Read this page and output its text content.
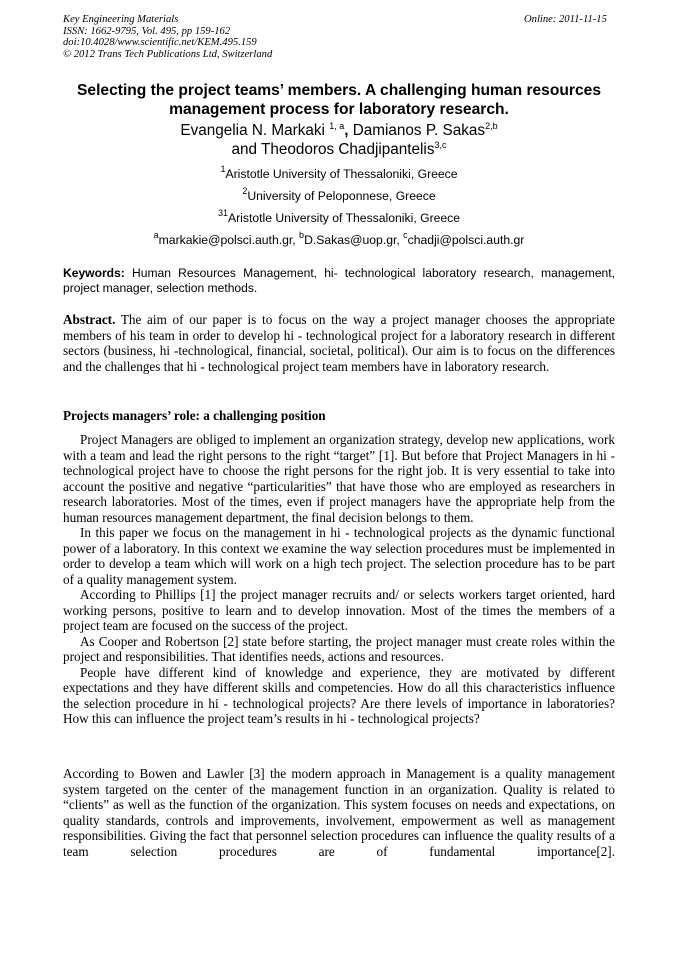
Key Engineering Materials
ISSN: 1662-9795, Vol. 495, pp 159-162
doi:10.4028/www.scientific.net/KEM.495.159
© 2012 Trans Tech Publications Ltd, Switzerland
Online: 2011-11-15
Selecting the project teams’ members. A challenging human resources
management process for laboratory research.
Evangelia N. Markaki $^{1, a}$, Damianos P. Sakas$^{2,b}$
and Theodoros Chadjipantelis$^{3,c}$
$^1$Aristotle University of Thessaloniki, Greece
$^2$University of Peloponnese, Greece
$^{31}$Aristotle University of Thessaloniki, Greece
$^a$markakie@polsci.auth.gr, $^b$D.Sakas@uop.gr, $^c$chadji@polsci.auth.gr
Keywords: Human Resources Management, hi- technological laboratory research, management, project manager, selection methods.
Abstract. The aim of our paper is to focus on the way a project manager chooses the appropriate members of his team in order to develop hi - technological project for a laboratory research in different sectors (business, hi -technological, financial, societal, political). Our aim is to focus on the differences and the challenges that hi - technological project team members have in laboratory research.
Projects managers’ role: a challenging position
Project Managers are obliged to implement an organization strategy, develop new applications, work with a team and lead the right persons to the right “target” [1]. But before that Project Managers in hi - technological project have to choose the right persons for the right job. It is very essential to take into account the positive and negative “particularities” that have those who are employed as researchers in research laboratories. Most of the times, even if project managers have the appropriate help from the human resources management department, the final decision belongs to them.
In this paper we focus on the management in hi - technological projects as the dynamic functional power of a laboratory. In this context we examine the way selection procedures must be implemented in order to develop a team which will work on a high tech project. The selection procedure has to be part of a quality management system.
According to Phillips [1] the project manager recruits and/ or selects workers target oriented, hard working persons, positive to learn and to develop innovation. Most of the times the members of a project team are focused on the success of the project.
As Cooper and Robertson [2] state before starting, the project manager must create roles within the project and responsibilities. That identifies needs, actions and resources.
People have different kind of knowledge and experience, they are motivated by different expectations and they have different skills and competencies. How do all this characteristics influence the selection procedure in hi - technological projects? Are there levels of importance in laboratories? How this can influence the project team’s results in hi - technological projects?
According to Bowen and Lawler [3] the modern approach in Management is a quality management system targeted on the center of the management function in an organization. Quality is related to “clients” as well as the function of the organization. This system focuses on needs and expectations, on quality standards, controls and improvements, involvement, empowerment as well as management responsibilities. Giving the fact that personnel selection procedures can influence the quality results of a team selection procedures are of fundamental importance[2].
